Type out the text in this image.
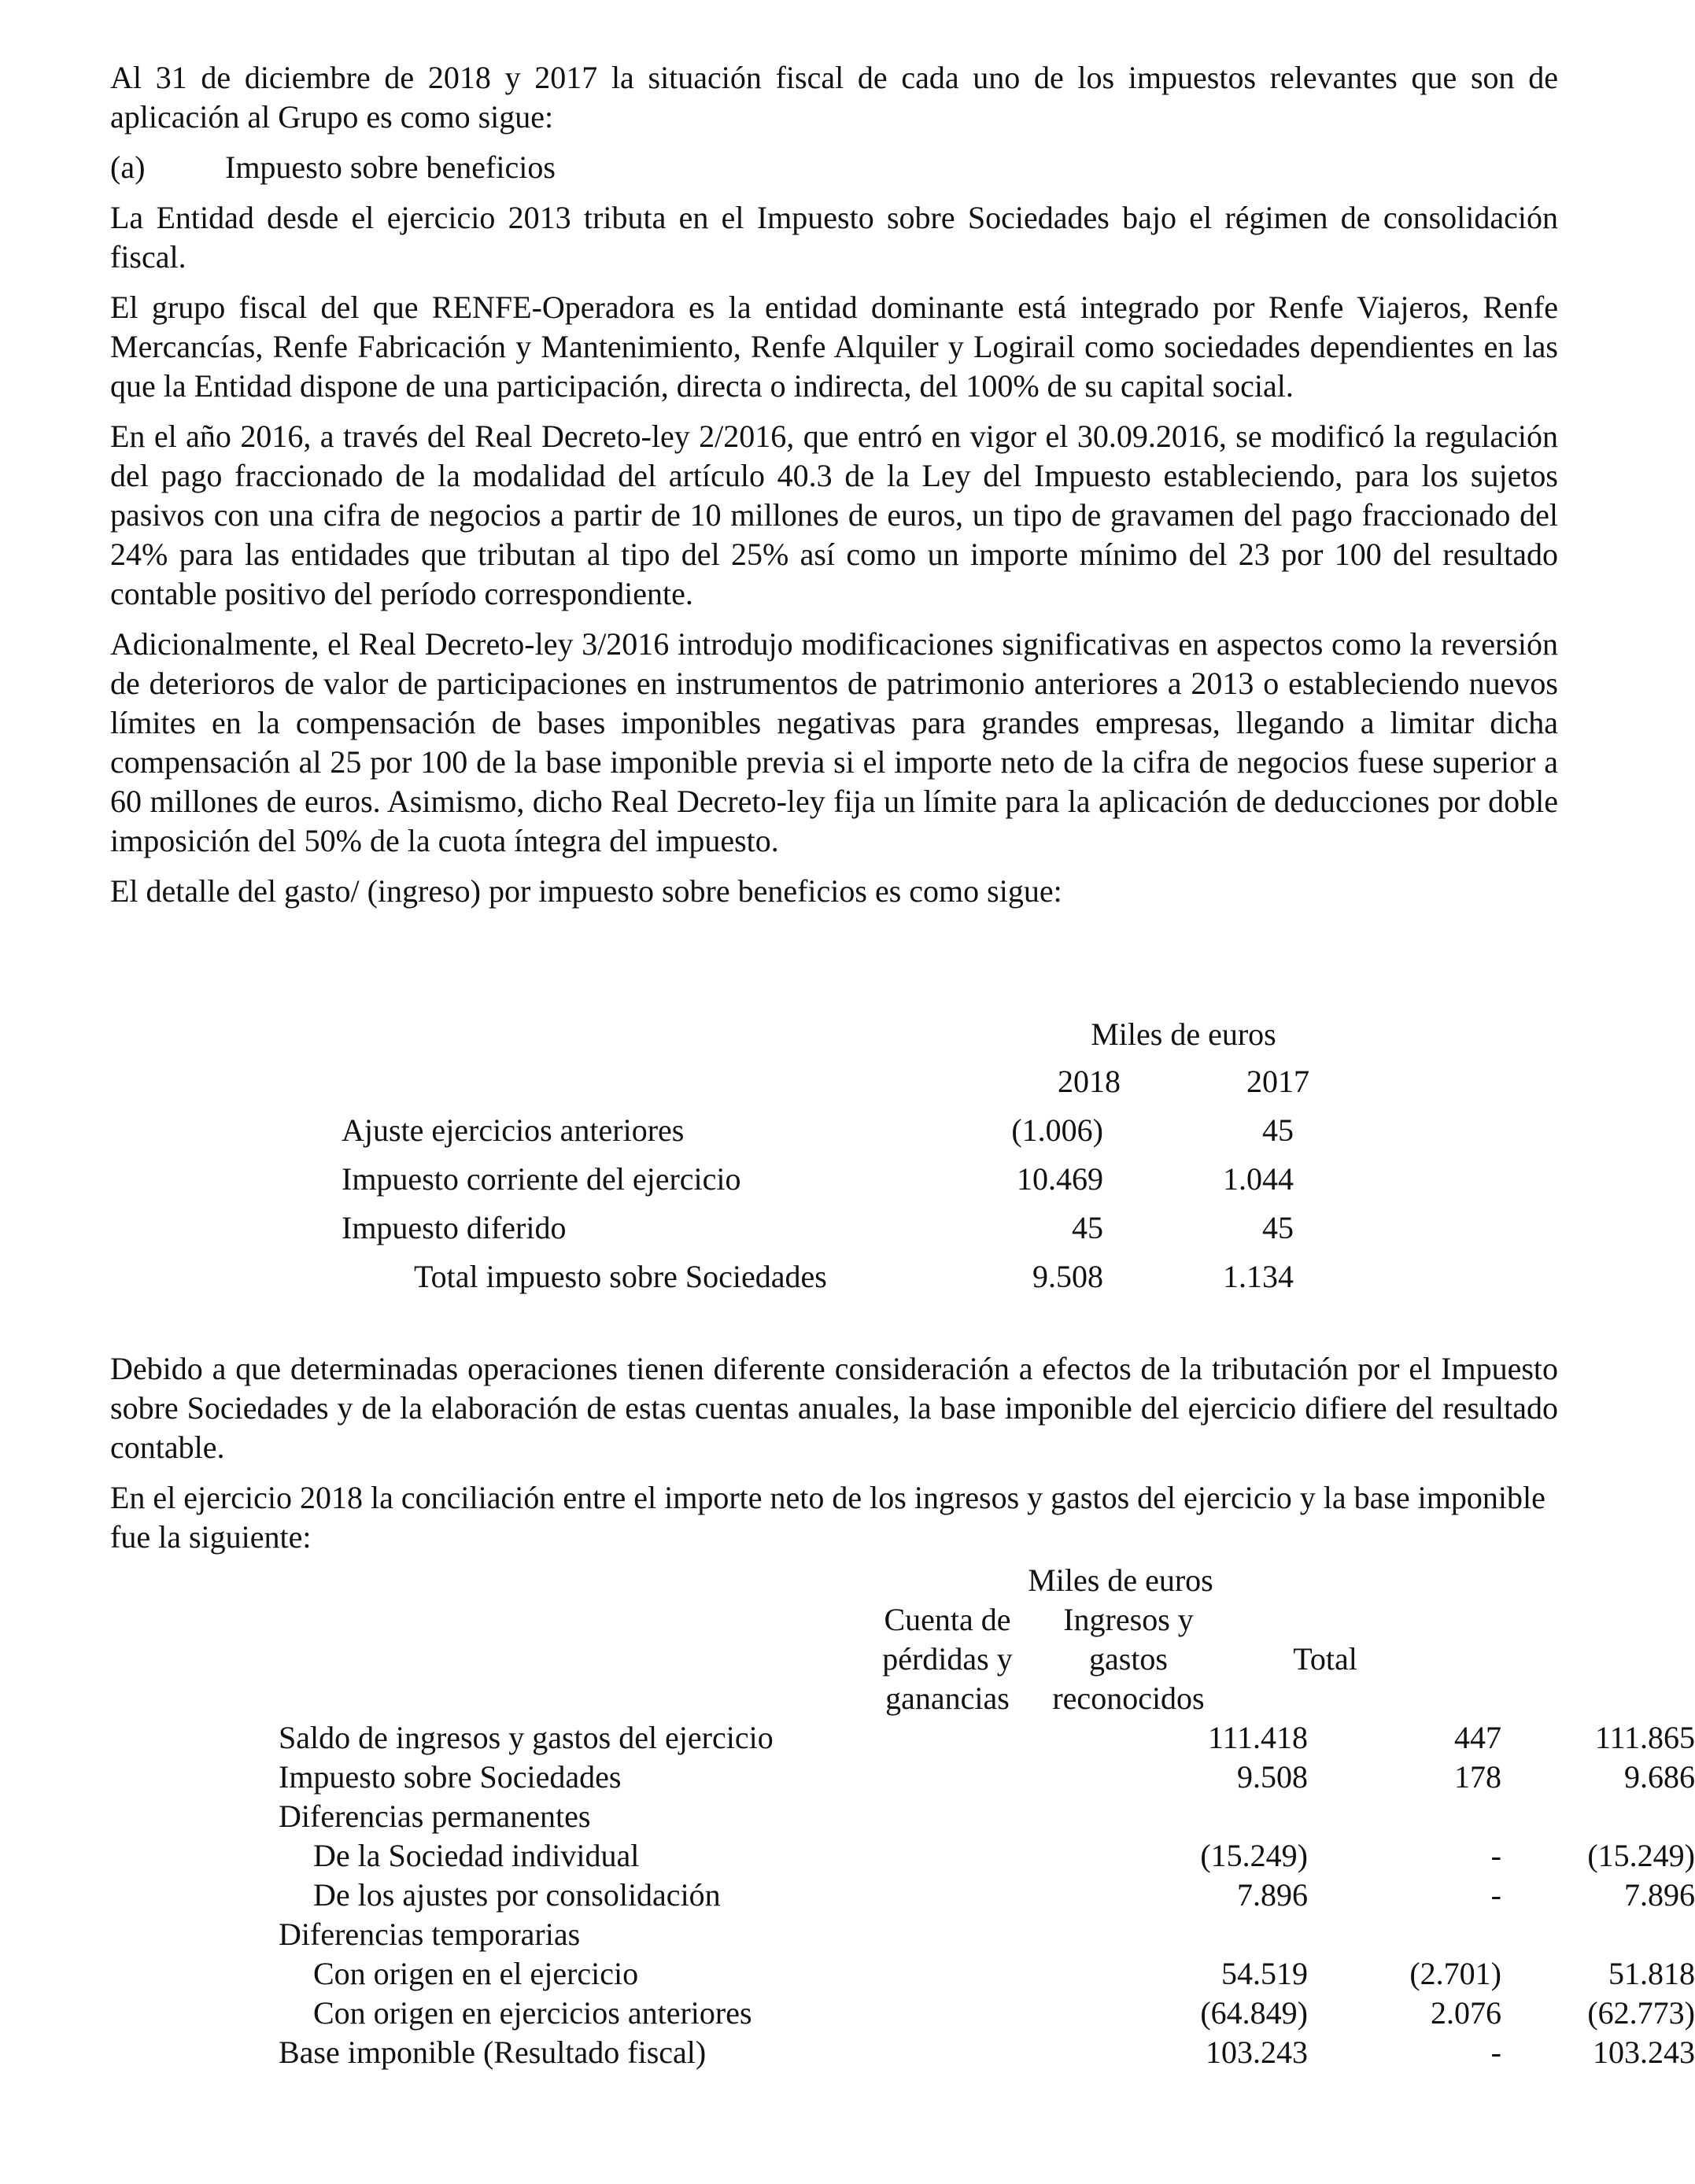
Al 31 de diciembre de 2018 y 2017 la situación fiscal de cada uno de los impuestos relevantes que son de aplicación al Grupo es como sigue:

(a)	Impuesto sobre beneficios

La Entidad desde el ejercicio 2013 tributa en el Impuesto sobre Sociedades bajo el régimen de consolidación fiscal.

El grupo fiscal del que RENFE-Operadora es la entidad dominante está integrado por Renfe Viajeros, Renfe Mercancías, Renfe Fabricación y Mantenimiento, Renfe Alquiler y Logirail como sociedades dependientes en las que la Entidad dispone de una participación, directa o indirecta, del 100% de su capital social.

En el año 2016, a través del Real Decreto-ley 2/2016, que entró en vigor el 30.09.2016, se modificó la regulación del pago fraccionado de la modalidad del artículo 40.3 de la Ley del Impuesto estableciendo, para los sujetos pasivos con una cifra de negocios a partir de 10 millones de euros, un tipo de gravamen del pago fraccionado del 24% para las entidades que tributan al tipo del 25% así como un importe mínimo del 23 por 100 del resultado contable positivo del período correspondiente.

Adicionalmente, el Real Decreto-ley 3/2016 introdujo modificaciones significativas en aspectos como la reversión de deterioros de valor de participaciones en instrumentos de patrimonio anteriores a 2013 o estableciendo nuevos límites en la compensación de bases imponibles negativas para grandes empresas, llegando a limitar dicha compensación al 25 por 100 de la base imponible previa si el importe neto de la cifra de negocios fuese superior a 60 millones de euros. Asimismo, dicho Real Decreto-ley fija un límite para la aplicación de deducciones por doble imposición del 50% de la cuota íntegra del impuesto.

El detalle del gasto/ (ingreso) por impuesto sobre beneficios es como sigue:

Miles de euros
2018	2017
Ajuste ejercicios anteriores	(1.006)	45
Impuesto corriente del ejercicio	10.469	1.044
Impuesto diferido	45	45
Total impuesto sobre Sociedades	9.508	1.134

Debido a que determinadas operaciones tienen diferente consideración a efectos de la tributación por el Impuesto sobre Sociedades y de la elaboración de estas cuentas anuales, la base imponible del ejercicio difiere del resultado contable.

En el ejercicio 2018 la conciliación entre el importe neto de los ingresos y gastos del ejercicio y la base imponible fue la siguiente:

Miles de euros
Cuenta de
pérdidas y
ganancias
Ingresos y
gastos
reconocidos
Total
Saldo de ingresos y gastos del ejercicio	111.418	447	111.865
Impuesto sobre Sociedades	9.508	178	9.686
Diferencias permanentes
De la Sociedad individual	(15.249)	-	(15.249)
De los ajustes por consolidación	7.896	-	7.896
Diferencias temporarias
Con origen en el ejercicio	54.519	(2.701)	51.818
Con origen en ejercicios anteriores	(64.849)	2.076	(62.773)
Base imponible (Resultado fiscal)	103.243	-	103.243
